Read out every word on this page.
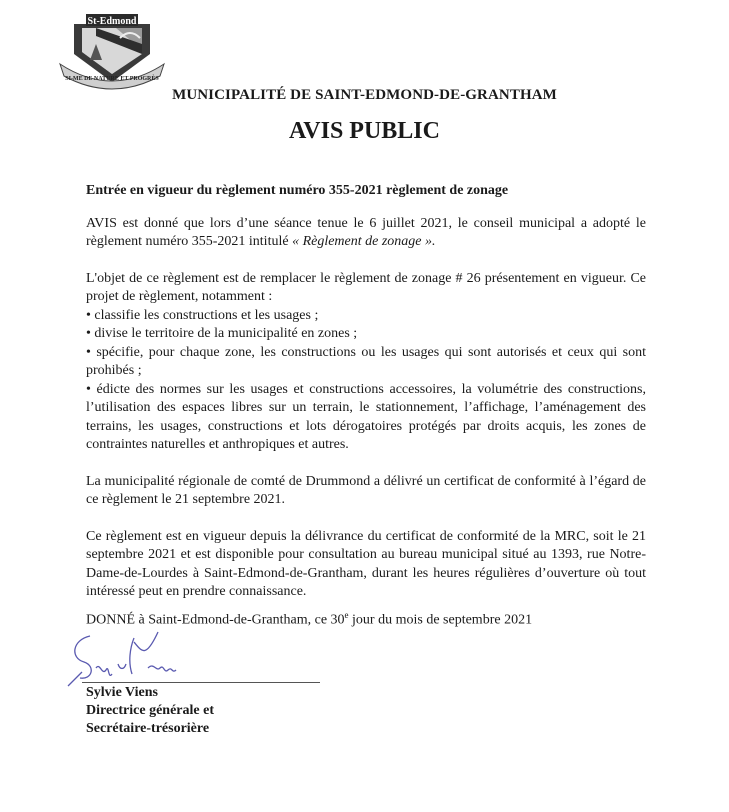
St-Edmond
SI-ME DE NATURE ET PROGRÈS
MUNICIPALITÉ DE SAINT-EDMOND-DE-GRANTHAM
AVIS PUBLIC
Entrée en vigueur du règlement numéro 355-2021 règlement de zonage

AVIS est donné que lors d’une séance tenue le 6 juillet 2021, le conseil municipal a adopté le règlement numéro 355-2021 intitulé « Règlement de zonage ».

L'objet de ce règlement est de remplacer le règlement de zonage # 26 présentement en vigueur. Ce projet de règlement, notamment :
• classifie les constructions et les usages ;
• divise le territoire de la municipalité en zones ;
• spécifie, pour chaque zone, les constructions ou les usages qui sont autorisés et ceux qui sont prohibés ;
• édicte des normes sur les usages et constructions accessoires, la volumétrie des constructions, l’utilisation des espaces libres sur un terrain, le stationnement, l’affichage, l’aménagement des terrains, les usages, constructions et lots dérogatoires protégés par droits acquis, les zones de contraintes naturelles et anthropiques et autres.

La municipalité régionale de comté de Drummond a délivré un certificat de conformité à l’égard de ce règlement le 21 septembre 2021.

Ce règlement est en vigueur depuis la délivrance du certificat de conformité de la MRC, soit le 21 septembre 2021 et est disponible pour consultation au bureau municipal situé au 1393, rue Notre-Dame-de-Lourdes à Saint-Edmond-de-Grantham, durant les heures régulières d’ouverture où tout intéressé peut en prendre connaissance.

DONNÉ à Saint-Edmond-de-Grantham, ce 30e jour du mois de septembre 2021
Sylvie Viens
Directrice générale et
Secrétaire-trésorière
